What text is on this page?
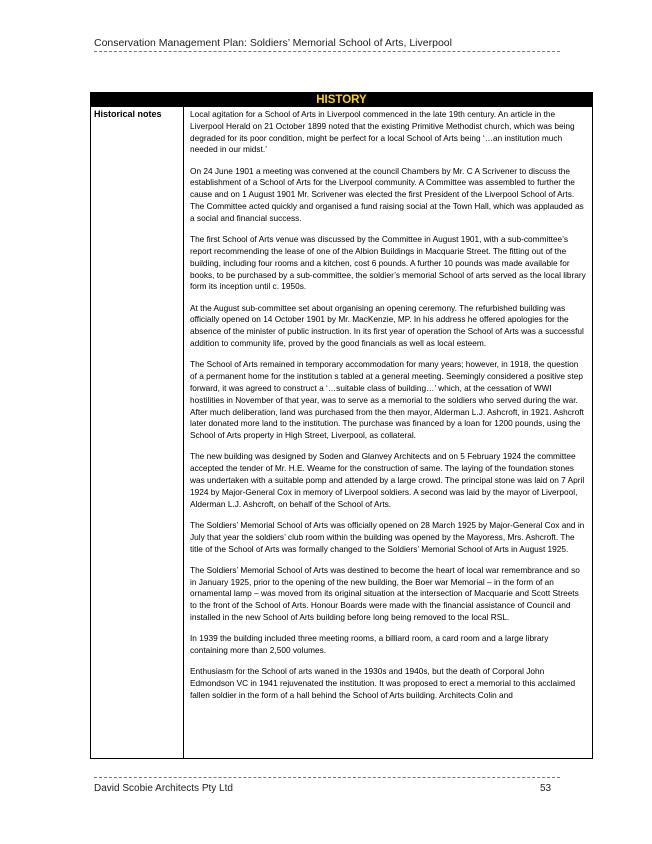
Conservation Management Plan: Soldiers’ Memorial School of Arts, Liverpool
HISTORY
Historical notes	Local agitation for a School of Arts in Liverpool commenced in the late 19th century. An article in the Liverpool Herald on 21 October 1899 noted that the existing Primitive Methodist church, which was being degraded for its poor condition, might be perfect for a local School of Arts being ‘…an institution much needed in our midst.’

On 24 June 1901 a meeting was convened at the council Chambers by Mr. C A Scrivener to discuss the establishment of a School of Arts for the Liverpool community. A Committee was assembled to further the cause and on 1 August 1901 Mr. Scrivener was elected the first President of the Liverpool School of Arts. The Committee acted quickly and organised a fund raising social at the Town Hall, which was applauded as a social and financial success.

The first School of Arts venue was discussed by the Committee in August 1901, with a sub-committee’s report recommending the lease of one of the Albion Buildings in Macquarie Street. The fitting out of the building, including four rooms and a kitchen, cost 6 pounds. A further 10 pounds was made available for books, to be purchased by a sub-committee, the soldier’s memorial School of arts served as the local library form its inception until c. 1950s.

At the August sub-committee set about organising an opening ceremony. The refurbished building was officially opened on 14 October 1901 by Mr. MacKenzie, MP. In his address he offered apologies for the absence of the minister of public instruction. In its first year of operation the School of Arts was a successful addition to community life, proved by the good financials as well as local esteem.

The School of Arts remained in temporary accommodation for many years; however, in 1918, the question of a permanent home for the institution s tabled at a general meeting. Seemingly considered a positive step forward, it was agreed to construct a ‘…suitable class of building…’ which, at the cessation of WWI hostilities in November of that year, was to serve as a memorial to the soldiers who served during the war. After much deliberation, land was purchased from the then mayor, Alderman L.J. Ashcroft, in 1921. Ashcroft later donated more land to the institution. The purchase was financed by a loan for 1200 pounds, using the School of Arts property in High Street, Liverpool, as collateral.

The new building was designed by Soden and Glanvey Architects and on 5 February 1924 the committee accepted the tender of Mr. H.E. Weame for the construction of same. The laying of the foundation stones was undertaken with a suitable pomp and attended by a large crowd. The principal stone was laid on 7 April 1924 by Major-General Cox in memory of Liverpool soldiers. A second was laid by the mayor of Liverpool, Alderman L.J. Ashcroft, on behalf of the School of Arts.

The Soldiers’ Memorial School of Arts was officially opened on 28 March 1925 by Major-General Cox and in July that year the soldiers’ club room within the building was opened by the Mayoress, Mrs. Ashcroft. The title of the School of Arts was formally changed to the Soldiers’ Memorial School of Arts in August 1925.

The Soldiers’ Memorial School of Arts was destined to become the heart of local war remembrance and so in January 1925, prior to the opening of the new building, the Boer war Memorial – in the form of an ornamental lamp – was moved from its original situation at the intersection of Macquarie and Scott Streets to the front of the School of Arts. Honour Boards were made with the financial assistance of Council and installed in the new School of Arts building before long being removed to the local RSL.

In 1939 the building included three meeting rooms, a billiard room, a card room and a large library containing more than 2,500 volumes.

Enthusiasm for the School of arts waned in the 1930s and 1940s, but the death of Corporal John Edmondson VC in 1941 rejuvenated the institution. It was proposed to erect a memorial to this acclaimed fallen soldier in the form of a hall behind the School of Arts building. Architects Colin and

David Scobie Architects Pty Ltd	53
